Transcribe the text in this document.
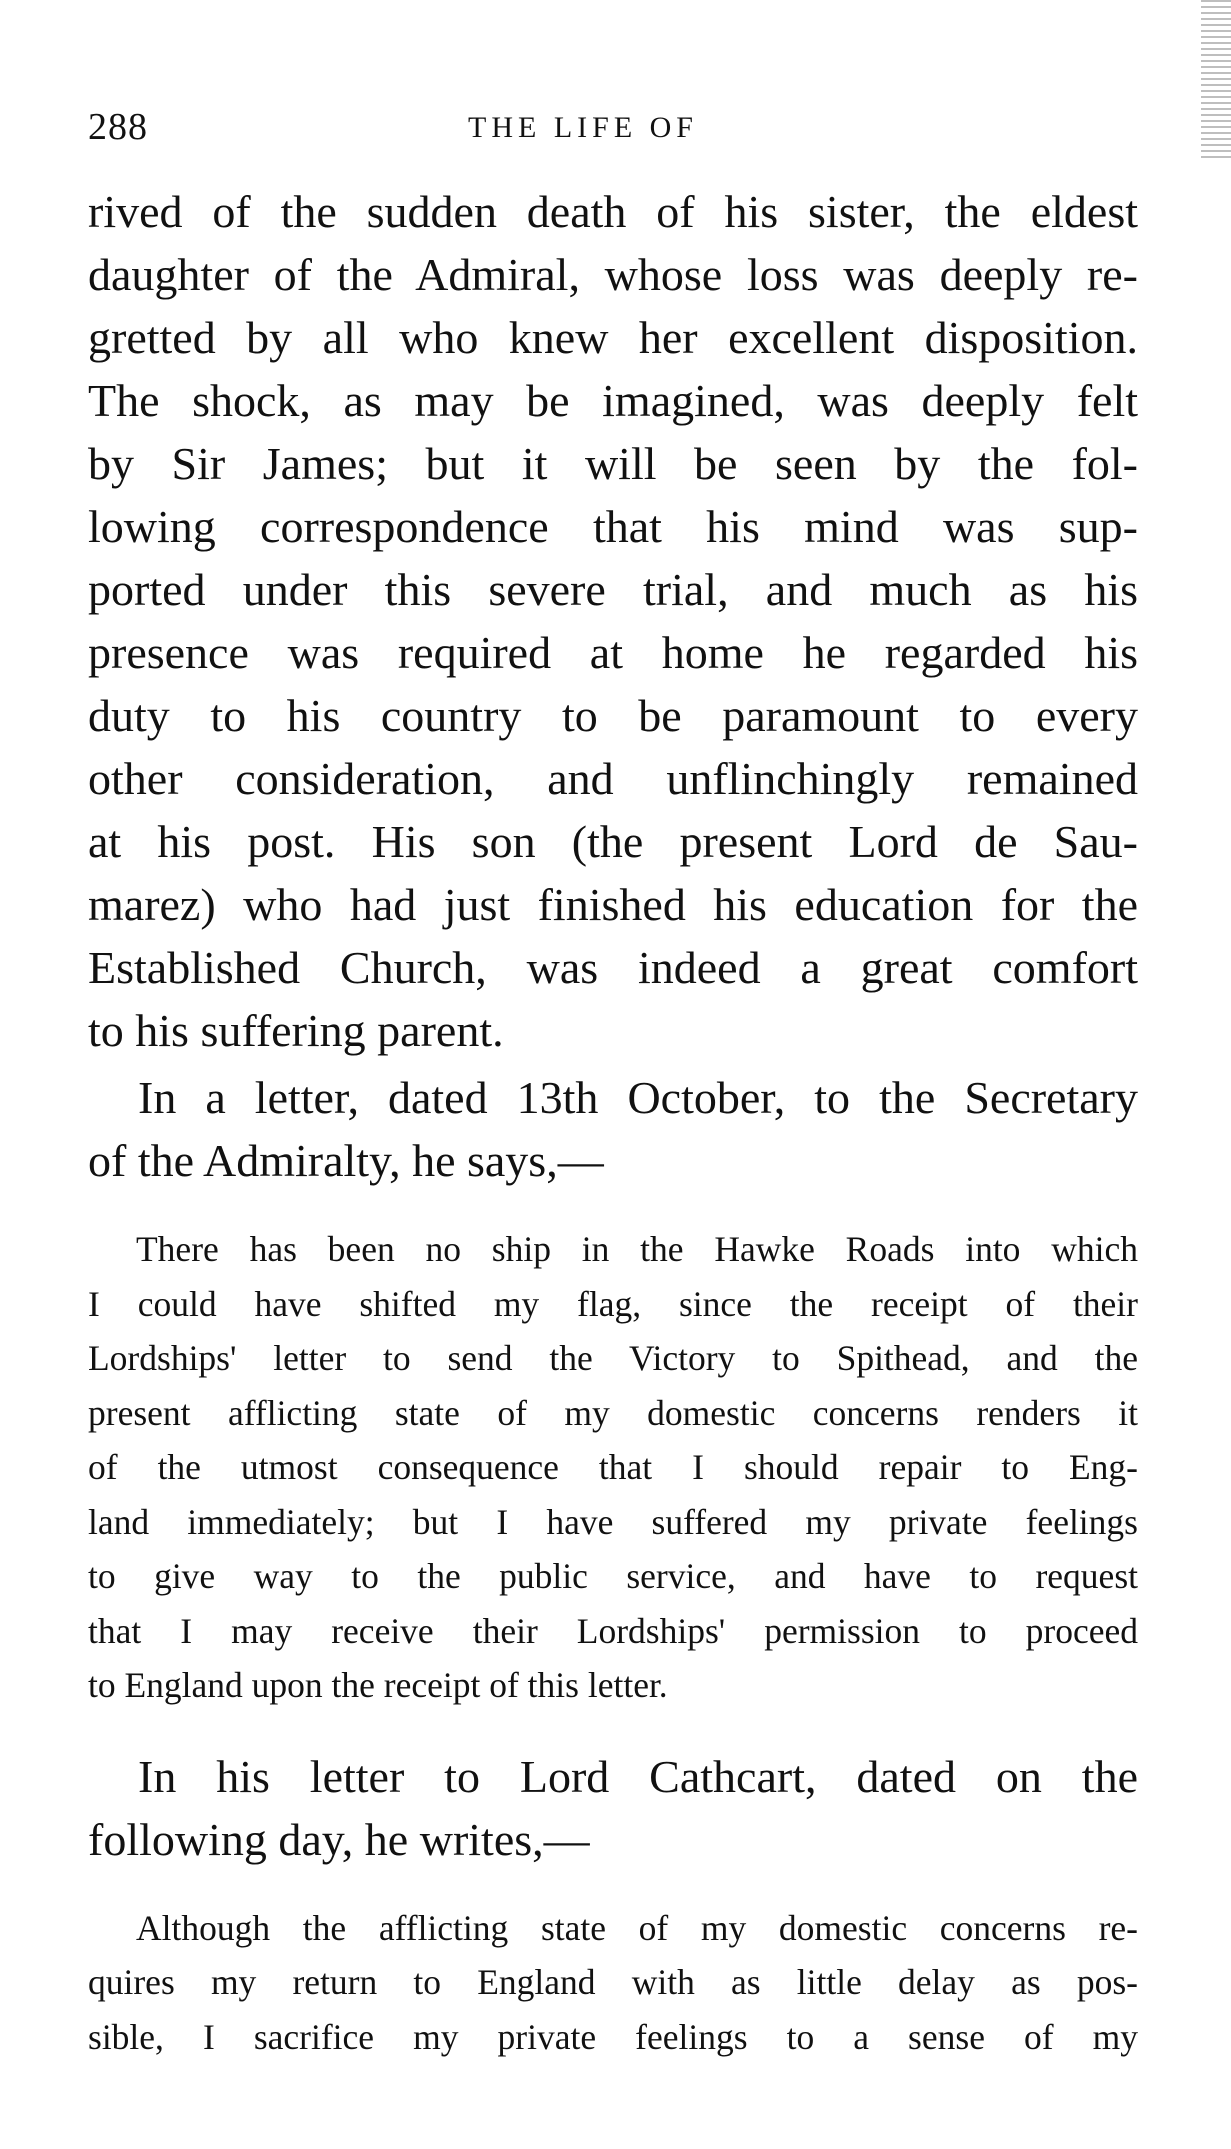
288	THE LIFE OF
rived of the sudden death of his sister, the eldest
daughter of the Admiral, whose loss was deeply re-
gretted by all who knew her excellent disposition.
The shock, as may be imagined, was deeply felt
by Sir James; but it will be seen by the fol-
lowing correspondence that his mind was sup-
ported under this severe trial, and much as his
presence was required at home he regarded his
duty to his country to be paramount to every
other consideration, and unflinchingly remained
at his post. His son (the present Lord de Sau-
marez) who had just finished his education for the
Established Church, was indeed a great comfort
to his suffering parent.
In a letter, dated 13th October, to the Secretary
of the Admiralty, he says,—
There has been no ship in the Hawke Roads into which
I could have shifted my flag, since the receipt of their
Lordships' letter to send the Victory to Spithead, and the
present afflicting state of my domestic concerns renders it
of the utmost consequence that I should repair to Eng-
land immediately; but I have suffered my private feelings
to give way to the public service, and have to request
that I may receive their Lordships' permission to proceed
to England upon the receipt of this letter.
In his letter to Lord Cathcart, dated on the
following day, he writes,—
Although the afflicting state of my domestic concerns re-
quires my return to England with as little delay as pos-
sible, I sacrifice my private feelings to a sense of my
